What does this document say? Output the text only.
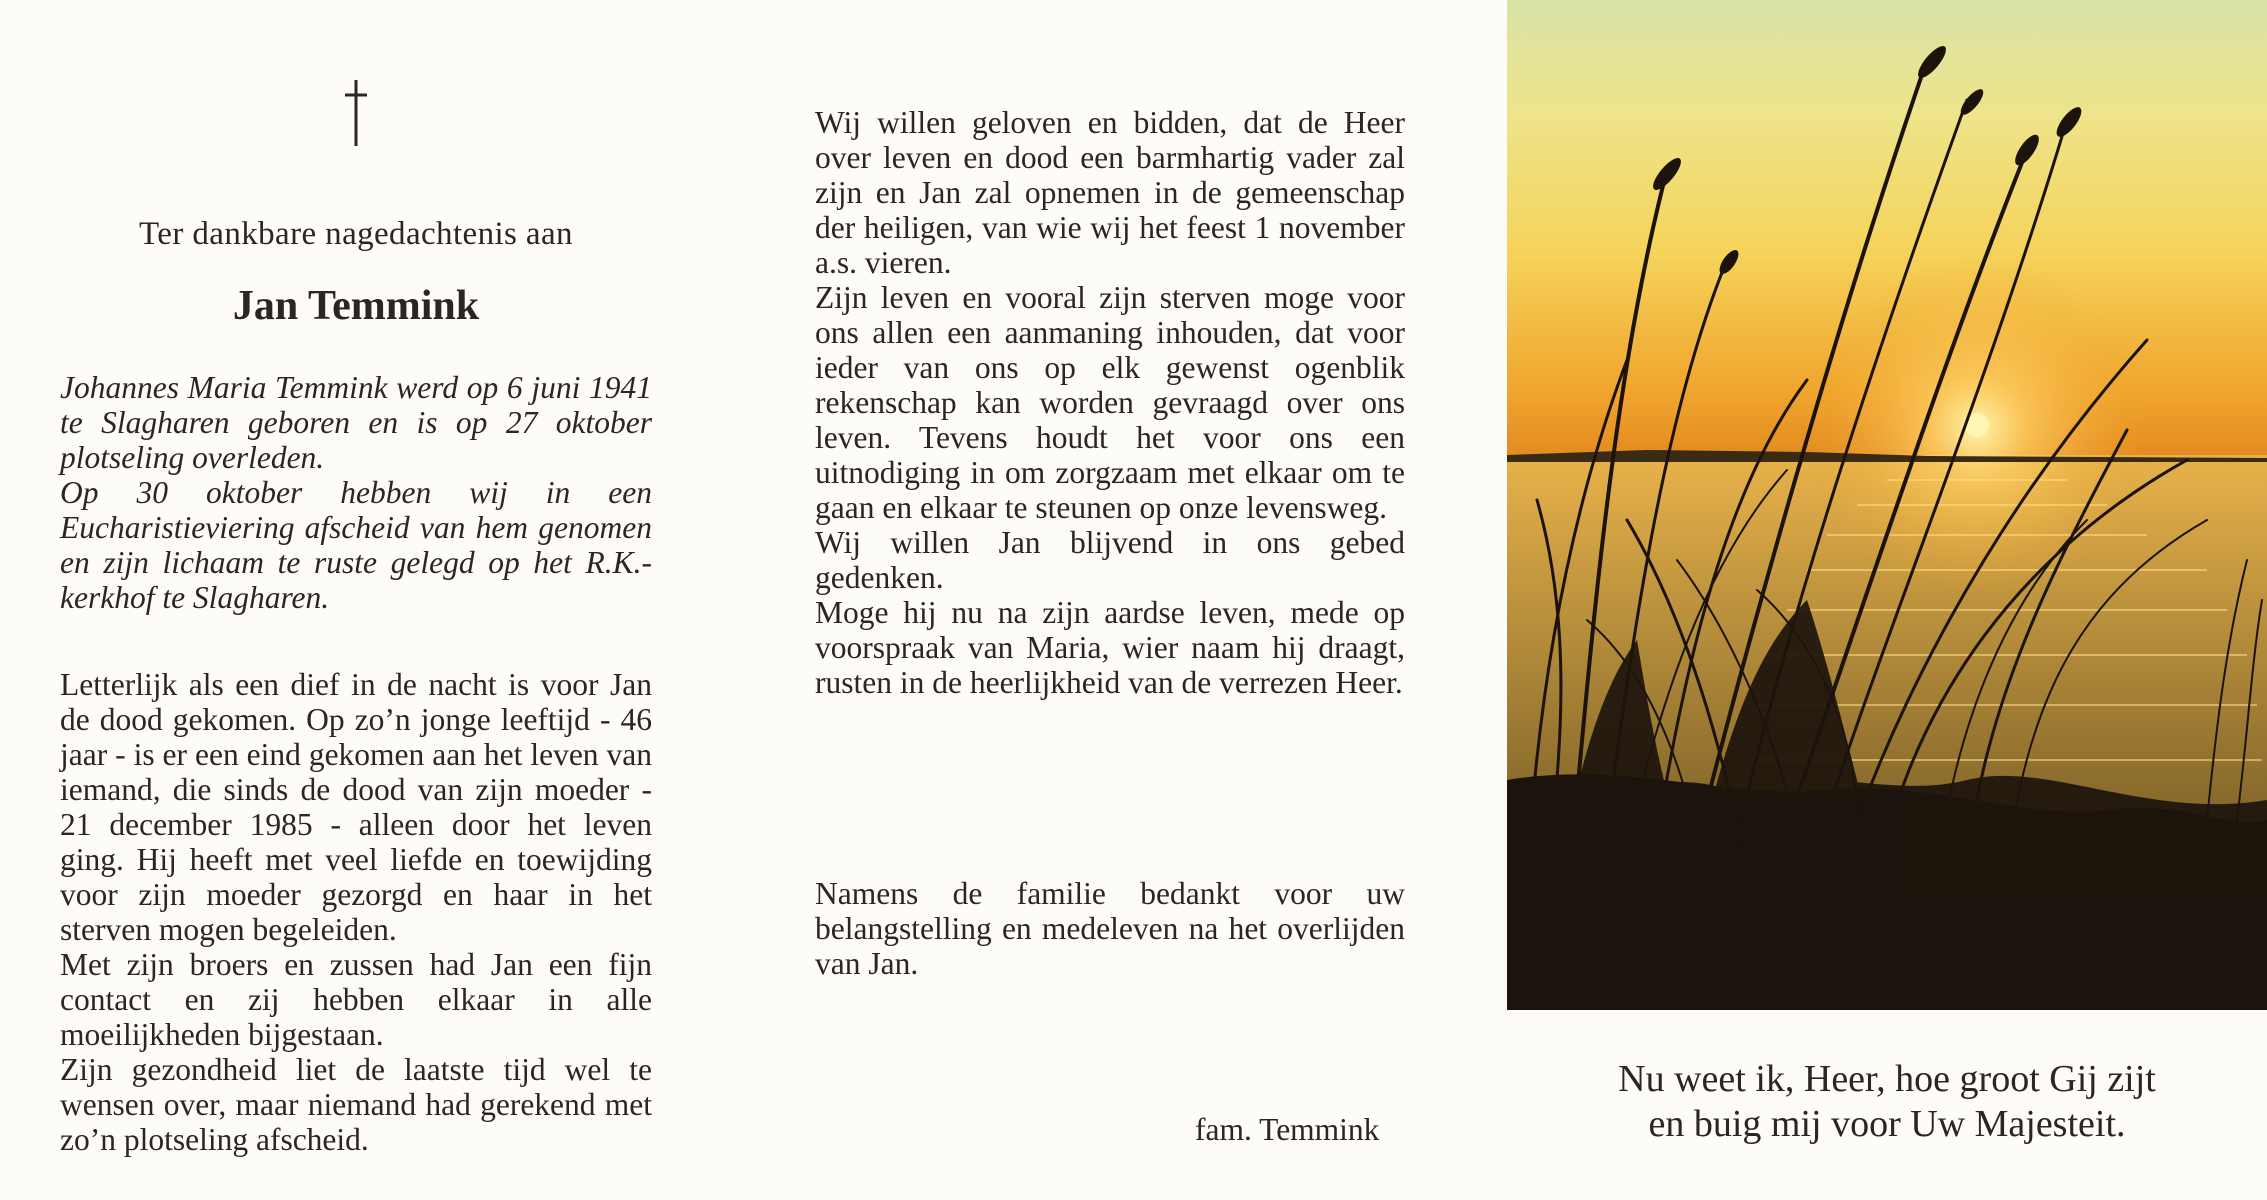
Ter dankbare nagedachtenis aan
Jan Temmink

Johannes Maria Temmink werd op 6 juni 1941 te Slagharen geboren en is op 27 oktober plotseling overleden.

Op 30 oktober hebben wij in een Eucharistieviering afscheid van hem genomen en zijn lichaam te ruste gelegd op het R.K.-kerkhof te Slagharen.

Letterlijk als een dief in de nacht is voor Jan de dood gekomen. Op zo’n jonge leeftijd - 46 jaar - is er een eind gekomen aan het leven van iemand, die sinds de dood van zijn moeder - 21 december 1985 - alleen door het leven ging. Hij heeft met veel liefde en toewijding voor zijn moeder gezorgd en haar in het sterven mogen begeleiden.

Met zijn broers en zussen had Jan een fijn contact en zij hebben elkaar in alle moeilijkheden bijgestaan.

Zijn gezondheid liet de laatste tijd wel te wensen over, maar niemand had gerekend met zo’n plotseling afscheid.

Wij willen geloven en bidden, dat de Heer over leven en dood een barmhartig vader zal zijn en Jan zal opnemen in de gemeenschap der heiligen, van wie wij het feest 1 november a.s. vieren.

Zijn leven en vooral zijn sterven moge voor ons allen een aanmaning inhouden, dat voor ieder van ons op elk gewenst ogenblik rekenschap kan worden gevraagd over ons leven. Tevens houdt het voor ons een uitnodiging in om zorgzaam met elkaar om te gaan en elkaar te steunen op onze levensweg.

Wij willen Jan blijvend in ons gebed gedenken.

Moge hij nu na zijn aardse leven, mede op voorspraak van Maria, wier naam hij draagt, rusten in de heerlijkheid van de verrezen Heer.

Namens de familie bedankt voor uw belangstelling en medeleven na het overlijden van Jan.
fam. Temmink
Nu weet ik, Heer, hoe groot Gij zijt
en buig mij voor Uw Majesteit.
